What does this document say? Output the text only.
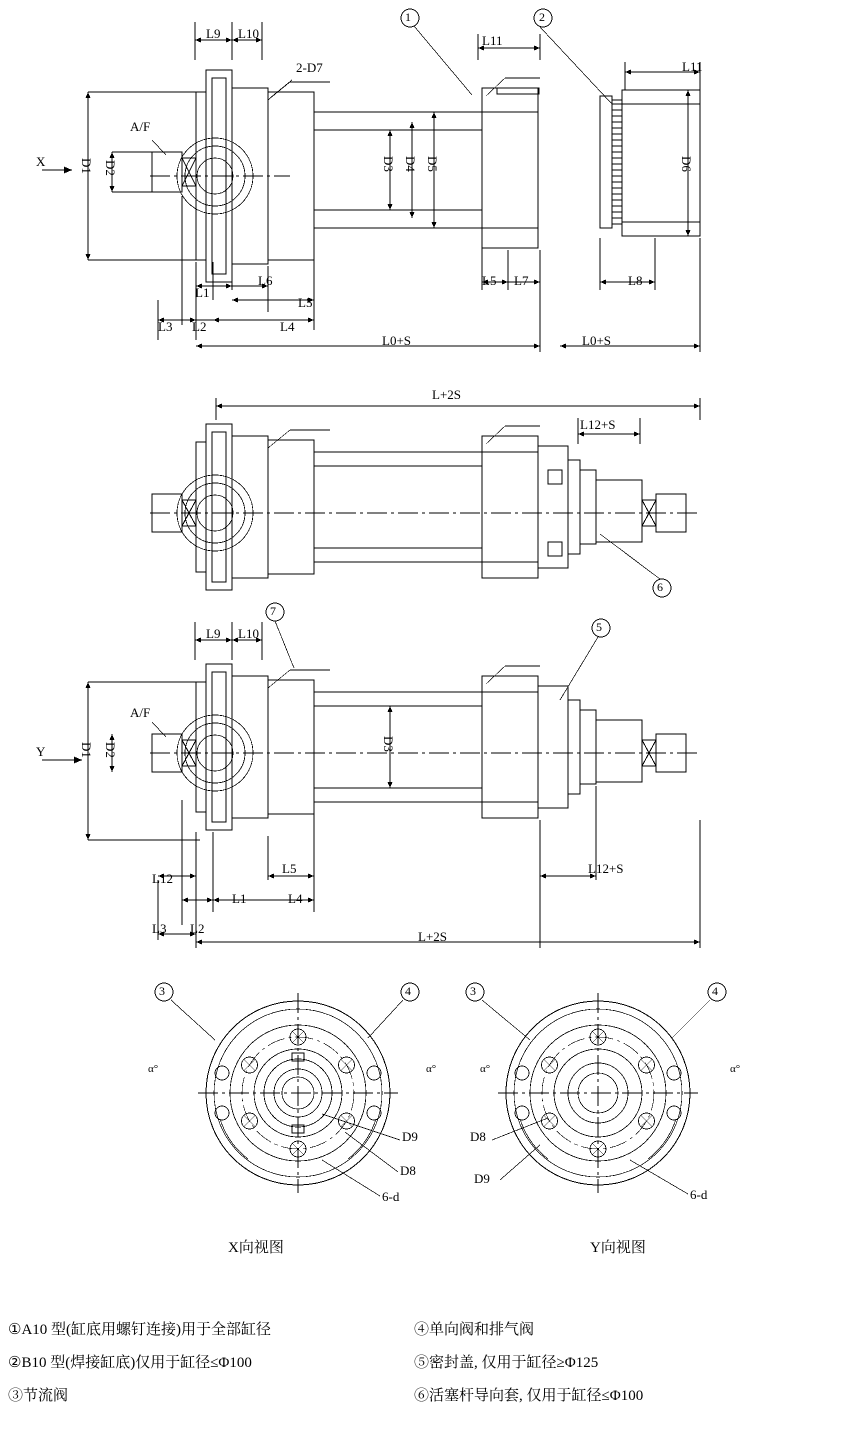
L9 L10
2-D7
L11
L11
A/F
D1 D2	D3 D4 D5	D6
L1
L6
L5
L3 L2	L4
L5 L7	L8
L0+S	L0+S
X
1	2
L+2S
L12+S
6
L9 L10
7
5
A/F
D1 D2	D3
L12
L5
L1	L4
L3 L2
L12+S
L+2S
Y
3	4
α°	α°
D9
D8
6-d
3	4
α°	α°
D8
D9
6-d
X向视图	Y向视图
①A10 型(缸底用螺钉连接)用于全部缸径
②B10 型(焊接缸底)仅用于缸径≤Φ100
③节流阀
④单向阀和排气阀
⑤密封盖, 仅用于缸径≥Φ125
⑥活塞杆导向套, 仅用于缸径≤Φ100
